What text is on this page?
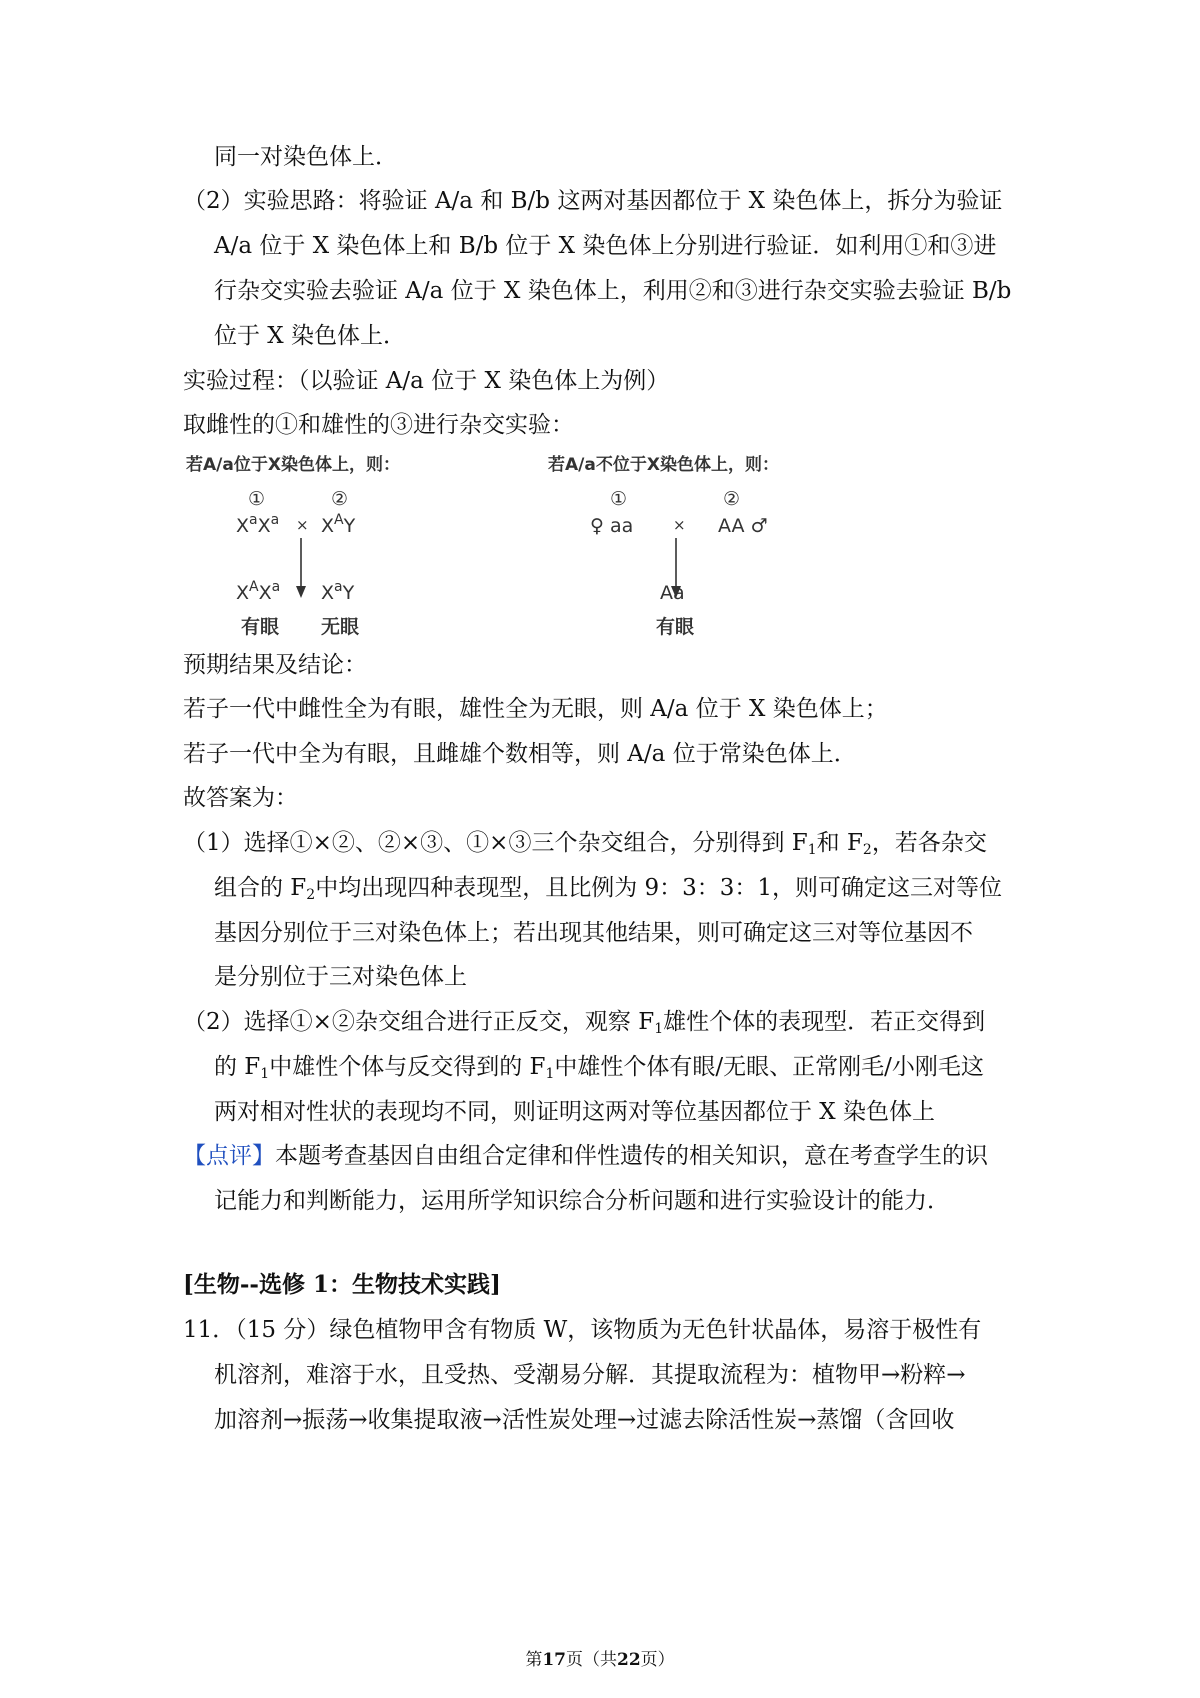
同一对染色体上．
（2）实验思路：将验证 A/a 和 B/b 这两对基因都位于 X 染色体上，拆分为验证
A/a 位于 X 染色体上和 B/b 位于 X 染色体上分别进行验证．如利用①和③进
行杂交实验去验证 A/a 位于 X 染色体上，利用②和③进行杂交实验去验证 B/b
位于 X 染色体上．
实验过程：（以验证 A/a 位于 X 染色体上为例）
取雌性的①和雄性的③进行杂交实验：
若A/a位于X染色体上，则：
①	②
$X^aX^a \times X^AY$
$X^AX^a$ $X^aY$
有眼 无眼
若A/a不位于X染色体上，则：
①	②
♀ aa	× AA ♂
Aa
有眼
预期结果及结论：
若子一代中雌性全为有眼，雄性全为无眼，则 A/a 位于 X 染色体上；
若子一代中全为有眼，且雌雄个数相等，则 A/a 位于常染色体上．
故答案为：
（1）选择①×②、②×③、①×③三个杂交组合，分别得到 $F_1$和 $F_2$，若各杂交
组合的 $F_2$中均出现四种表现型，且比例为 9：3：3：1，则可确定这三对等位
基因分别位于三对染色体上；若出现其他结果，则可确定这三对等位基因不
是分别位于三对染色体上
（2）选择①×②杂交组合进行正反交，观察 $F_1$雄性个体的表现型．若正交得到
的 $F_1$中雄性个体与反交得到的 $F_1$中雄性个体有眼/无眼、正常刚毛/小刚毛这
两对相对性状的表现均不同，则证明这两对等位基因都位于 X 染色体上
【点评】本题考查基因自由组合定律和伴性遗传的相关知识，意在考查学生的识
记能力和判断能力，运用所学知识综合分析问题和进行实验设计的能力．
[生物--选修 1：生物技术实践]
11．（15 分）绿色植物甲含有物质 W，该物质为无色针状晶体，易溶于极性有
机溶剂，难溶于水，且受热、受潮易分解．其提取流程为：植物甲→粉粹→
加溶剂→振荡→收集提取液→活性炭处理→过滤去除活性炭→蒸馏（含回收
第17页（共22页）
